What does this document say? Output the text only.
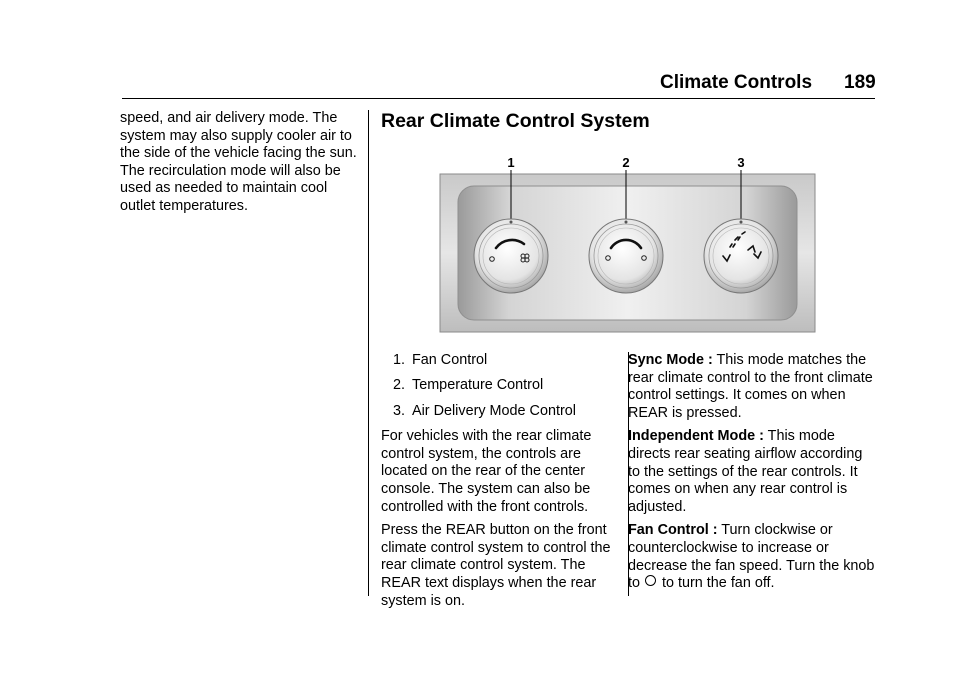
Climate Controls 189

speed, and air delivery mode. The system may also supply cooler air to the side of the vehicle facing the sun. The recirculation mode will also be used as needed to maintain cool outlet temperatures.

Rear Climate Control System
1	2	3
1. Fan Control
2. Temperature Control
3. Air Delivery Mode Control

For vehicles with the rear climate control system, the controls are located on the rear of the center console. The system can also be controlled with the front controls.

Press the REAR button on the front climate control system to control the rear climate control system. The REAR text displays when the rear system is on.

Sync Mode : This mode matches the rear climate control to the front climate control settings. It comes on when REAR is pressed.

Independent Mode : This mode directs rear seating airflow according to the settings of the rear controls. It comes on when any rear control is adjusted.

Fan Control : Turn clockwise or counterclockwise to increase or decrease the fan speed. Turn the knob to to turn the fan off.
